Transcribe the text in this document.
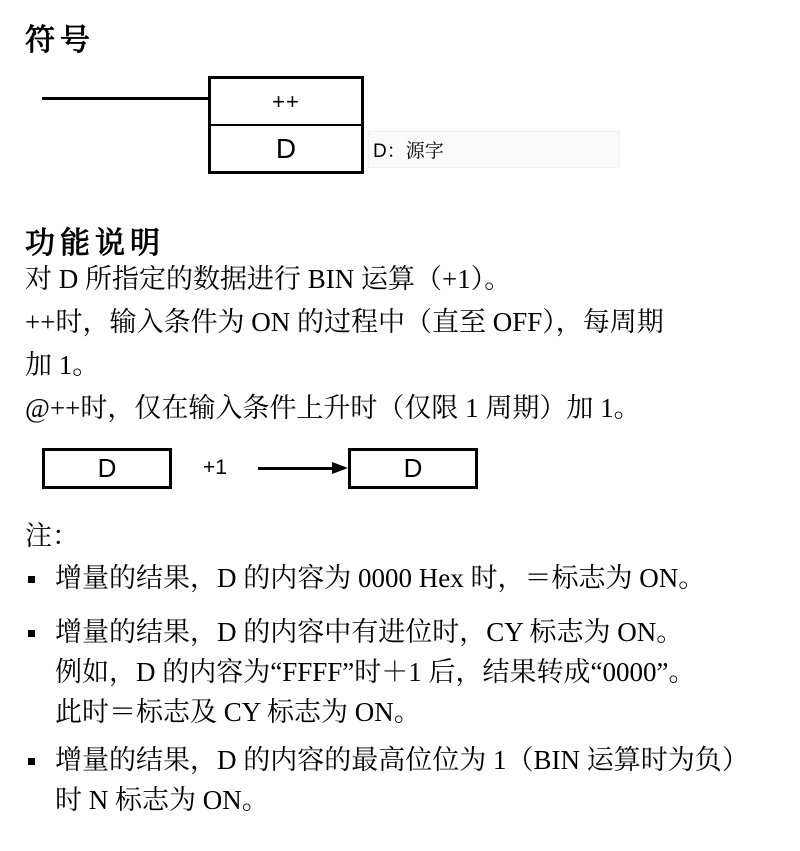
符号
++
D	D：源字
功能说明
对 D 所指定的数据进行 BIN 运算（+1）。
++时，输入条件为 ON 的过程中（直至 OFF），每周期
加 1。
@++时，仅在输入条件上升时（仅限 1 周期）加 1。
D	+1	D
注：
增量的结果，D 的内容为 0000 Hex 时，＝标志为 ON。
增量的结果，D 的内容中有进位时，CY 标志为 ON。
例如，D 的内容为“FFFF”时＋1 后，结果转成“0000”。
此时＝标志及 CY 标志为 ON。
增量的结果，D 的内容的最高位位为 1（BIN 运算时为负）
时 N 标志为 ON。
